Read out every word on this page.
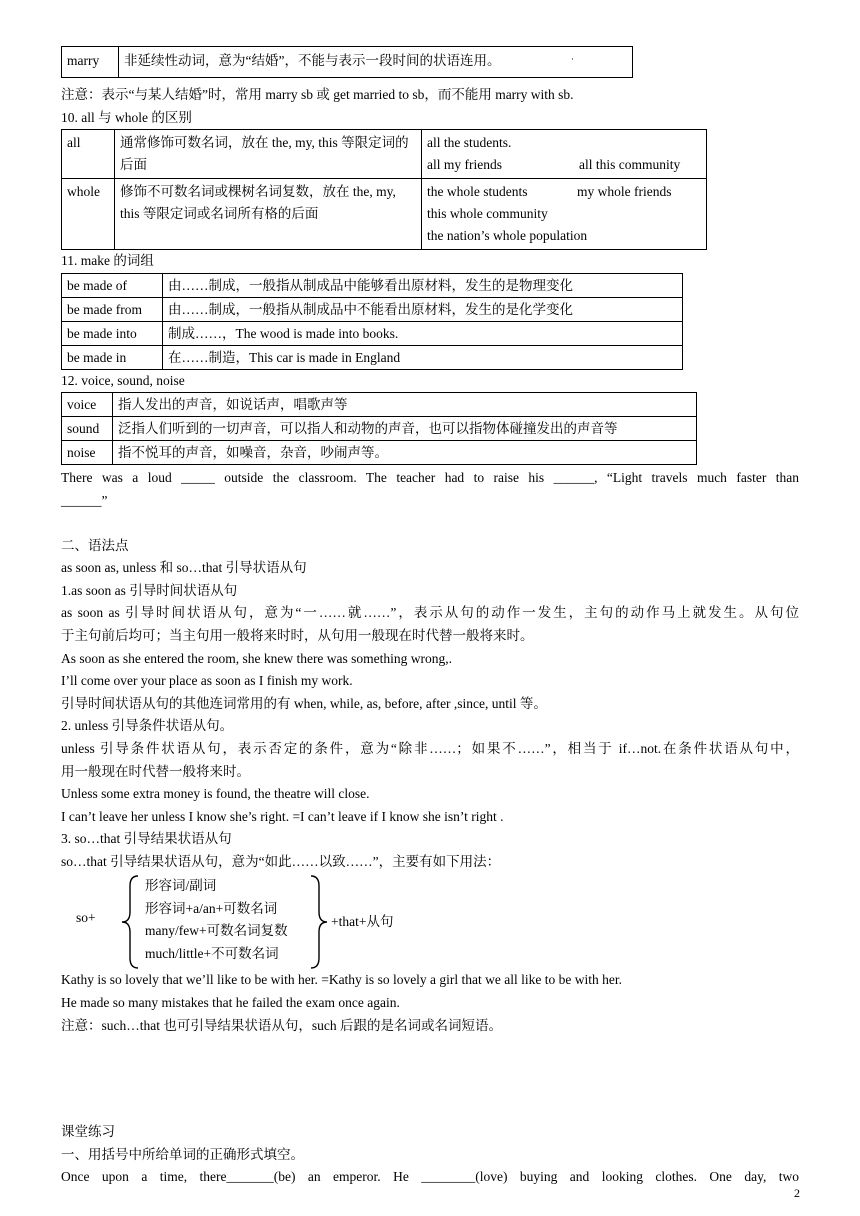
marry	非延续性动词，意为“结婚”，不能与表示一段时间的状语连用。	·
注意：表示“与某人结婚”时，常用 marry sb 或 get married to sb，而不能用 marry with sb.
10. all 与 whole 的区别
all	通常修饰可数名词，放在 the, my, this 等限定词的后面	all the students.
all my friends all this community

whole	修饰不可数名词或棵树名词复数，放在 the, my, this 等限定词或名词所有格的后面	the whole students my whole friends
this whole community
the nation’s whole population
11. make 的词组
be made of	由……制成，一般指从制成品中能够看出原材料，发生的是物理变化
be made from	由……制成，一般指从制成品中不能看出原材料，发生的是化学变化
be made into	制成……，The wood is made into books.
be made in	在……制造，This car is made in England
12. voice, sound, noise
voice	指人发出的声音，如说话声，唱歌声等
sound	泛指人们听到的一切声音，可以指人和动物的声音，也可以指物体碰撞发出的声音等
noise	指不悦耳的声音，如噪音，杂音，吵闹声等。
There was a loud _____ outside the classroom. The teacher had to raise his ______, “Light travels much faster than
______”
二、语法点
as soon as, unless 和 so…that 引导状语从句
1.as soon as 引导时间状语从句
as soon as 引导时间状语从句，意为“一……就……”，表示从句的动作一发生，主句的动作马上就发生。从句位
于主句前后均可；当主句用一般将来时时，从句用一般现在时代替一般将来时。
As soon as she entered the room, she knew there was something wrong,.
I’ll come over your place as soon as I finish my work.
引导时间状语从句的其他连词常用的有 when, while, as, before, after ,since, until 等。
2. unless 引导条件状语从句。
unless 引导条件状语从句，表示否定的条件，意为“除非……；如果不……”，相当于 if…not.在条件状语从句中，
用一般现在时代替一般将来时。
Unless some extra money is found, the theatre will close.
I can’t leave her unless I know she’s right. =I can’t leave if I know she isn’t right .
3. so…that 引导结果状语从句
so…that 引导结果状语从句，意为“如此……以致……”，主要有如下用法：
so+
形容词/副词
形容词+a/an+可数名词
many/few+可数名词复数
much/little+不可数名词
+that+从句
Kathy is so lovely that we’ll like to be with her. =Kathy is so lovely a girl that we all like to be with her.
He made so many mistakes that he failed the exam once again.
注意：such…that 也可引导结果状语从句，such 后跟的是名词或名词短语。
课堂练习
一、用括号中所给单词的正确形式填空。
Once upon a time, there_______(be) an emperor. He ________(love) buying and looking clothes. One day, two
2
